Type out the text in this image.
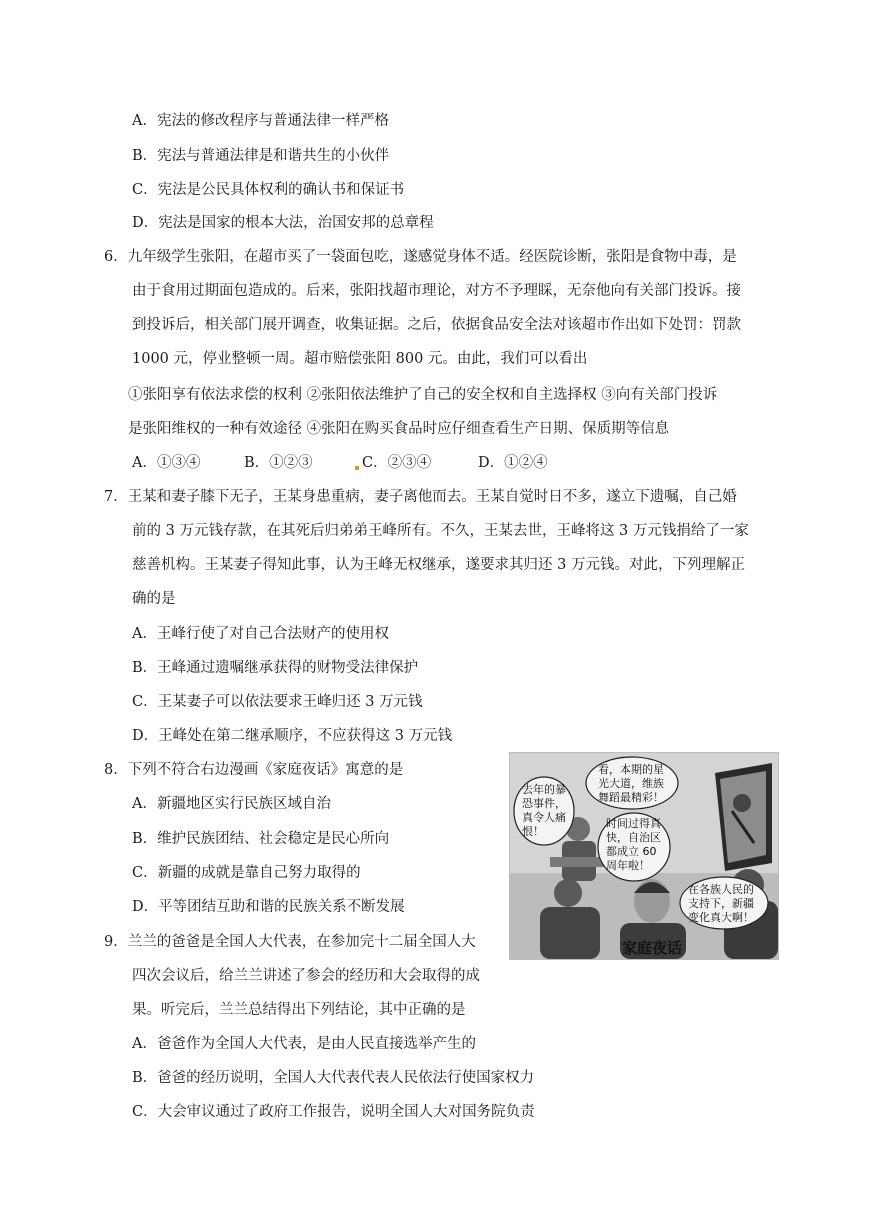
A．宪法的修改程序与普通法律一样严格
B．宪法与普通法律是和谐共生的小伙伴
C．宪法是公民具体权利的确认书和保证书
D．宪法是国家的根本大法，治国安邦的总章程
6．九年级学生张阳，在超市买了一袋面包吃，遂感觉身体不适。经医院诊断，张阳是食物中毒，是
由于食用过期面包造成的。后来，张阳找超市理论，对方不予理睬，无奈他向有关部门投诉。接
到投诉后，相关部门展开调查，收集证据。之后，依据食品安全法对该超市作出如下处罚：罚款
1000 元，停业整顿一周。超市赔偿张阳 800 元。由此，我们可以看出
①张阳享有依法求偿的权利 ②张阳依法维护了自己的安全权和自主选择权 ③向有关部门投诉
是张阳维权的一种有效途径 ④张阳在购买食品时应仔细查看生产日期、保质期等信息
A．①③④	B．①②③	C．②③④	D．①②④
7．王某和妻子膝下无子，王某身患重病，妻子离他而去。王某自觉时日不多，遂立下遗嘱，自己婚
前的 3 万元钱存款，在其死后归弟弟王峰所有。不久，王某去世，王峰将这 3 万元钱捐给了一家
慈善机构。王某妻子得知此事，认为王峰无权继承，遂要求其归还 3 万元钱。对此，下列理解正
确的是
A．王峰行使了对自己合法财产的使用权
B．王峰通过遗嘱继承获得的财物受法律保护
C．王某妻子可以依法要求王峰归还 3 万元钱
D．王峰处在第二继承顺序，不应获得这 3 万元钱
8．下列不符合右边漫画《家庭夜话》寓意的是
A．新疆地区实行民族区域自治
B．维护民族团结、社会稳定是民心所向
C．新疆的成就是靠自己努力取得的
D．平等团结互助和谐的民族关系不断发展
去年的暴
恐事件，
真令人痛
恨！
看，本期的星
光大道，维族
舞蹈最精彩！
时间过得真
快，自治区
都成立 60
周年啦！
在各族人民的
支持下，新疆
变化真大啊！
家庭夜话
9．兰兰的爸爸是全国人大代表，在参加完十二届全国人大
四次会议后，给兰兰讲述了参会的经历和大会取得的成
果。听完后，兰兰总结得出下列结论，其中正确的是
A．爸爸作为全国人大代表，是由人民直接选举产生的
B．爸爸的经历说明，全国人大代表代表人民依法行使国家权力
C．大会审议通过了政府工作报告，说明全国人大对国务院负责
